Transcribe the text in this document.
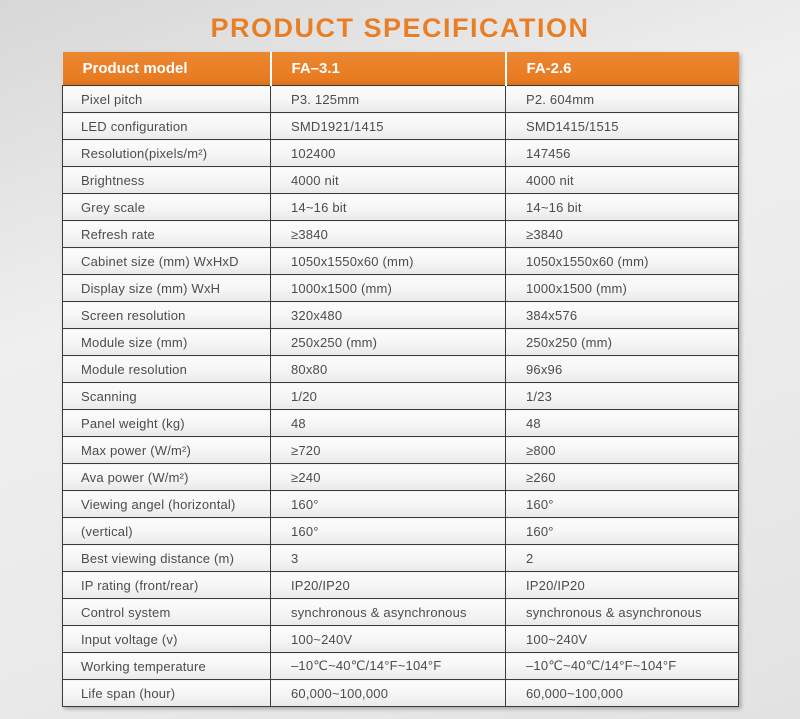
PRODUCT SPECIFICATION
Product model	FA–3.1	FA-2.6
Pixel pitch	P3. 125mm	P2. 604mm
LED configuration	SMD1921/1415	SMD1415/1515
Resolution(pixels/m²)	102400	147456
Brightness	4000 nit	4000 nit
Grey scale	14~16 bit	14~16 bit
Refresh rate	≥3840	≥3840
Cabinet size (mm) WxHxD	1050x1550x60 (mm)	1050x1550x60 (mm)
Display size (mm) WxH	1000x1500 (mm)	1000x1500 (mm)
Screen resolution	320x480	384x576
Module size (mm)	250x250 (mm)	250x250 (mm)
Module resolution	80x80	96x96
Scanning	1/20	1/23
Panel weight (kg)	48	48
Max power (W/m²)	≥720	≥800
Ava power (W/m²)	≥240	≥260
Viewing angel (horizontal)	160°	160°
(vertical)	160°	160°
Best viewing distance (m)	3	2
IP rating (front/rear)	IP20/IP20	IP20/IP20
Control system	synchronous & asynchronous	synchronous & asynchronous
Input voltage (v)	100~240V	100~240V
Working temperature	–10℃~40℃/14°F~104°F	–10℃~40℃/14°F~104°F
Life span (hour)	60,000~100,000	60,000~100,000
